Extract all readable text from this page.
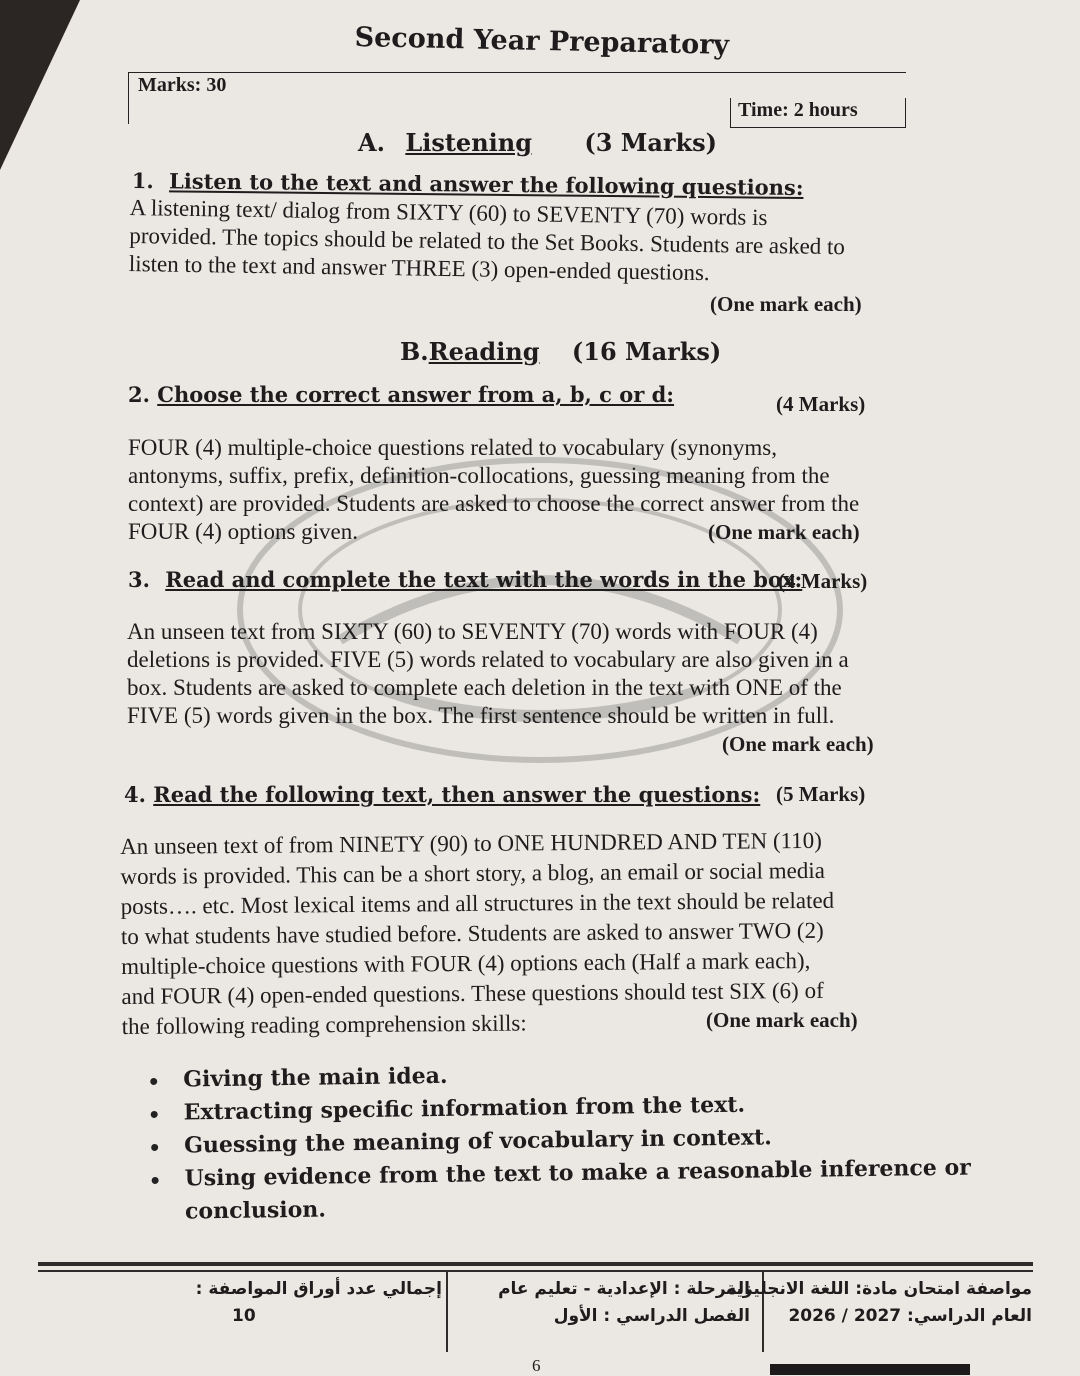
Second Year Preparatory
Marks: 30
Time: 2 hours
A. Listening (3 Marks)
1. Listen to the text and answer the following questions:
A listening text/ dialog from SIXTY (60) to SEVENTY (70) words is
provided. The topics should be related to the Set Books. Students are asked to
listen to the text and answer THREE (3) open-ended questions.
(One mark each)
B.Reading (16 Marks)
2. Choose the correct answer from a, b, c or d:	(4 Marks)
FOUR (4) multiple-choice questions related to vocabulary (synonyms,
antonyms, suffix, prefix, definition-collocations, guessing meaning from the
context) are provided. Students are asked to choose the correct answer from the
FOUR (4) options given.	(One mark each)
3. Read and complete the text with the words in the box:
(4 Marks)
An unseen text from SIXTY (60) to SEVENTY (70) words with FOUR (4)
deletions is provided. FIVE (5) words related to vocabulary are also given in a
box. Students are asked to complete each deletion in the text with ONE of the
FIVE (5) words given in the box. The first sentence should be written in full.
(One mark each)
4. Read the following text, then answer the questions: (5 Marks)
An unseen text of from NINETY (90) to ONE HUNDRED AND TEN (110)
words is provided. This can be a short story, a blog, an email or social media
posts…. etc. Most lexical items and all structures in the text should be related
to what students have studied before. Students are asked to answer TWO (2)
multiple-choice questions with FOUR (4) options each (Half a mark each),
and FOUR (4) open-ended questions. These questions should test SIX (6) of
the following reading comprehension skills:	(One mark each)
Giving the main idea.
Extracting specific information from the text.
Guessing the meaning of vocabulary in context.
Using evidence from the text to make a reasonable inference or
conclusion.
مواصفة امتحان مادة: اللغة الانجليزية
العام الدراسي: 2027 / 2026
المرحلة : الإعدادية - تعليم عام
الفصل الدراسي : الأول
إجمالي عدد أوراق المواصفة :
10
6
